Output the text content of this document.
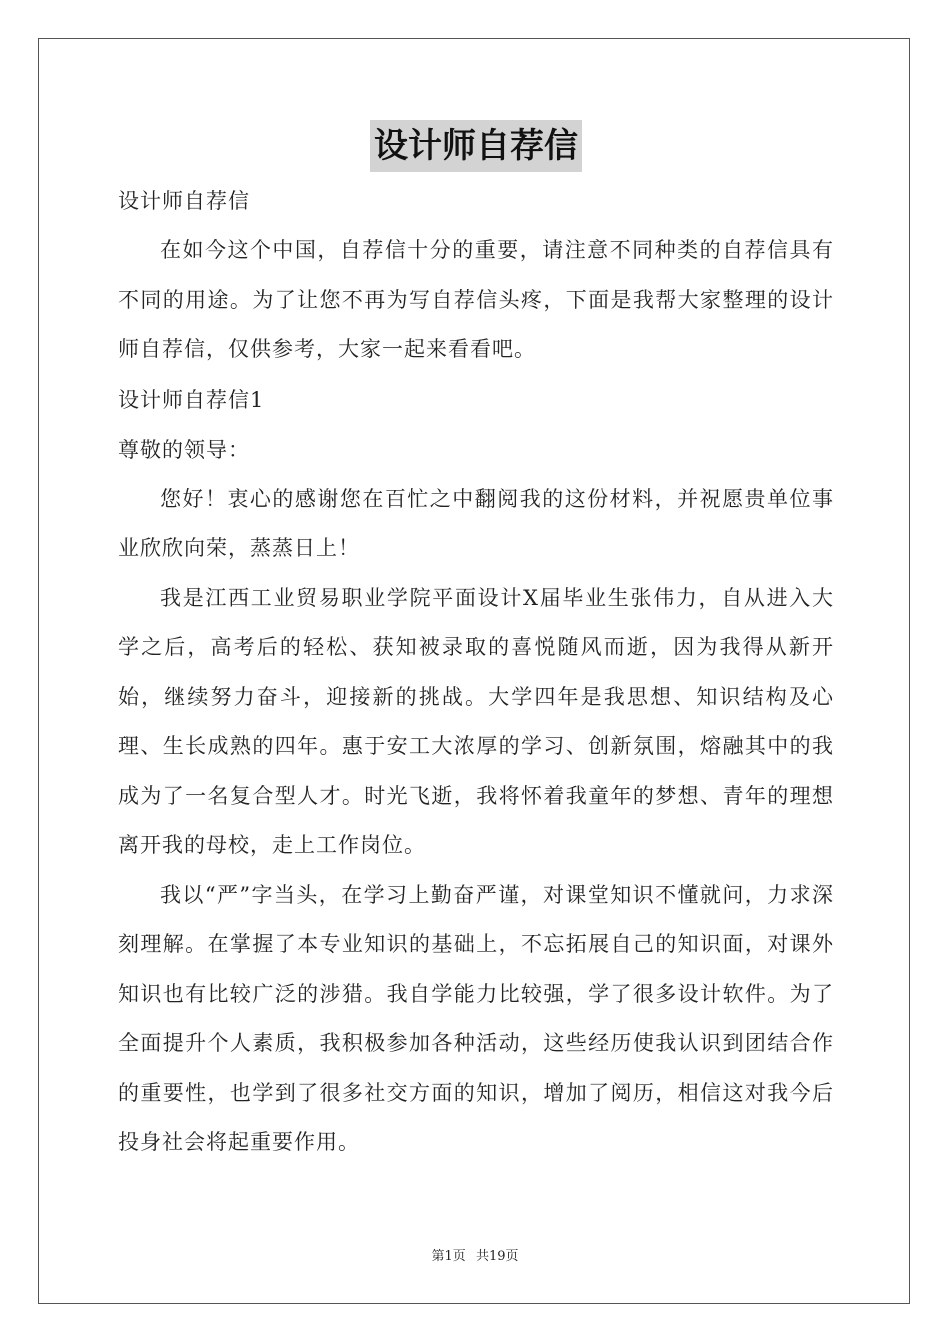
设计师自荐信

设计师自荐信

在如今这个中国，自荐信十分的重要，请注意不同种类的自荐信具有不同的用途。为了让您不再为写自荐信头疼，下面是我帮大家整理的设计师自荐信，仅供参考，大家一起来看看吧。

设计师自荐信1

尊敬的领导：

您好！衷心的感谢您在百忙之中翻阅我的这份材料，并祝愿贵单位事业欣欣向荣，蒸蒸日上！

我是江西工业贸易职业学院平面设计X届毕业生张伟力，自从进入大学之后，高考后的轻松、获知被录取的喜悦随风而逝，因为我得从新开始，继续努力奋斗，迎接新的挑战。大学四年是我思想、知识结构及心理、生长成熟的四年。惠于安工大浓厚的学习、创新氛围，熔融其中的我成为了一名复合型人才。时光飞逝，我将怀着我童年的梦想、青年的理想离开我的母校，走上工作岗位。

我以“严”字当头，在学习上勤奋严谨，对课堂知识不懂就问，力求深刻理解。在掌握了本专业知识的基础上，不忘拓展自己的知识面，对课外知识也有比较广泛的涉猎。我自学能力比较强，学了很多设计软件。为了全面提升个人素质，我积极参加各种活动，这些经历使我认识到团结合作的重要性，也学到了很多社交方面的知识，增加了阅历，相信这对我今后投身社会将起重要作用。

第1页 共19页
